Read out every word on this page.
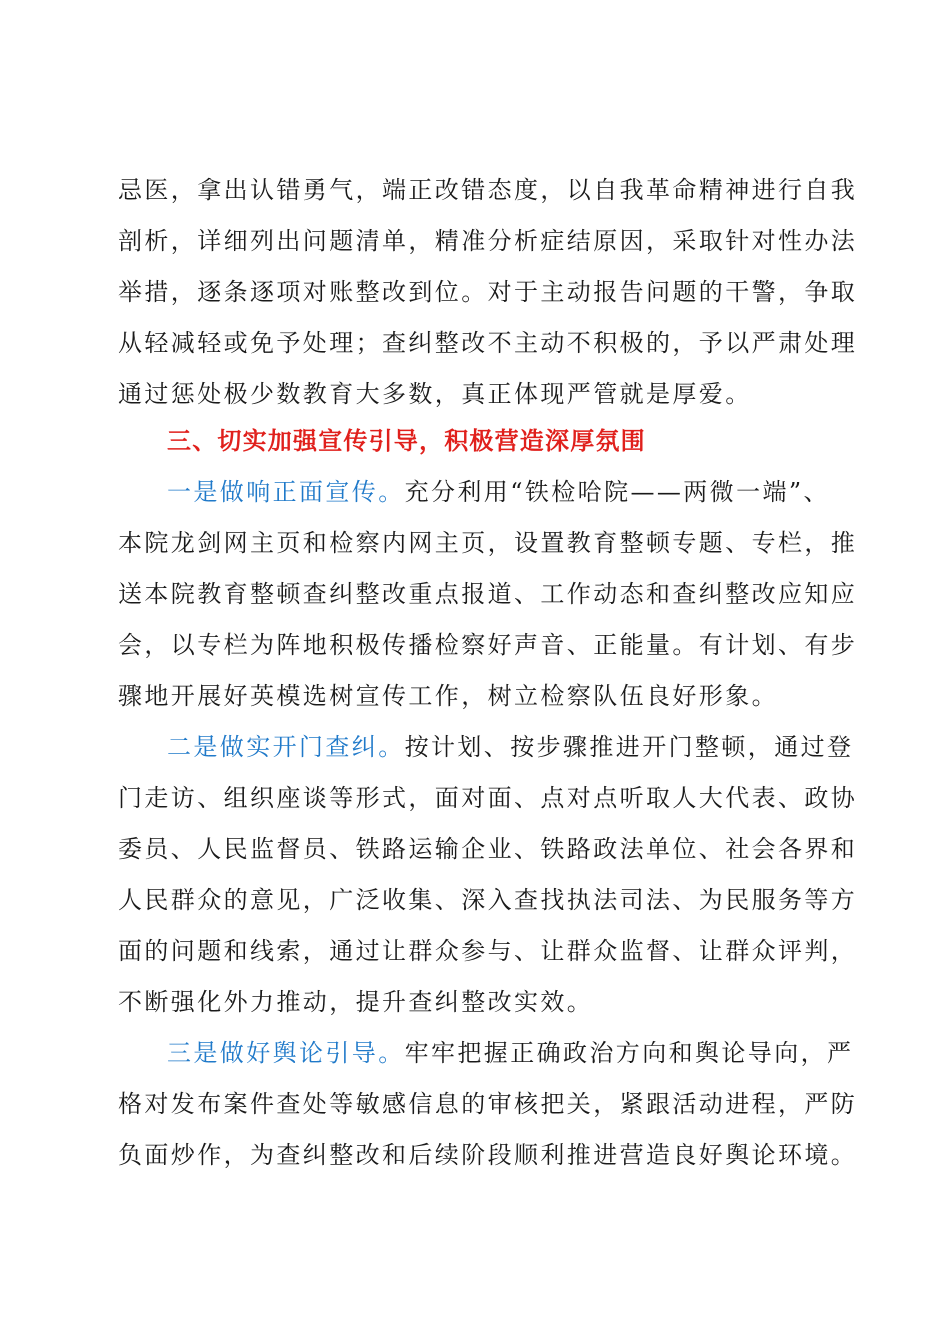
忌医，拿出认错勇气，端正改错态度，以自我革命精神进行自我
剖析，详细列出问题清单，精准分析症结原因，采取针对性办法
举措，逐条逐项对账整改到位。对于主动报告问题的干警，争取
从轻减轻或免予处理；查纠整改不主动不积极的，予以严肃处理
通过惩处极少数教育大多数，真正体现严管就是厚爱。
三、切实加强宣传引导，积极营造深厚氛围
一是做响正面宣传。充分利用“铁检哈院——两微一端”、
本院龙剑网主页和检察内网主页，设置教育整顿专题、专栏，推
送本院教育整顿查纠整改重点报道、工作动态和查纠整改应知应
会，以专栏为阵地积极传播检察好声音、正能量。有计划、有步
骤地开展好英模选树宣传工作，树立检察队伍良好形象。
二是做实开门查纠。按计划、按步骤推进开门整顿，通过登
门走访、组织座谈等形式，面对面、点对点听取人大代表、政协
委员、人民监督员、铁路运输企业、铁路政法单位、社会各界和
人民群众的意见，广泛收集、深入查找执法司法、为民服务等方
面的问题和线索，通过让群众参与、让群众监督、让群众评判，
不断强化外力推动，提升查纠整改实效。
三是做好舆论引导。牢牢把握正确政治方向和舆论导向，严
格对发布案件查处等敏感信息的审核把关，紧跟活动进程，严防
负面炒作，为查纠整改和后续阶段顺利推进营造良好舆论环境。
